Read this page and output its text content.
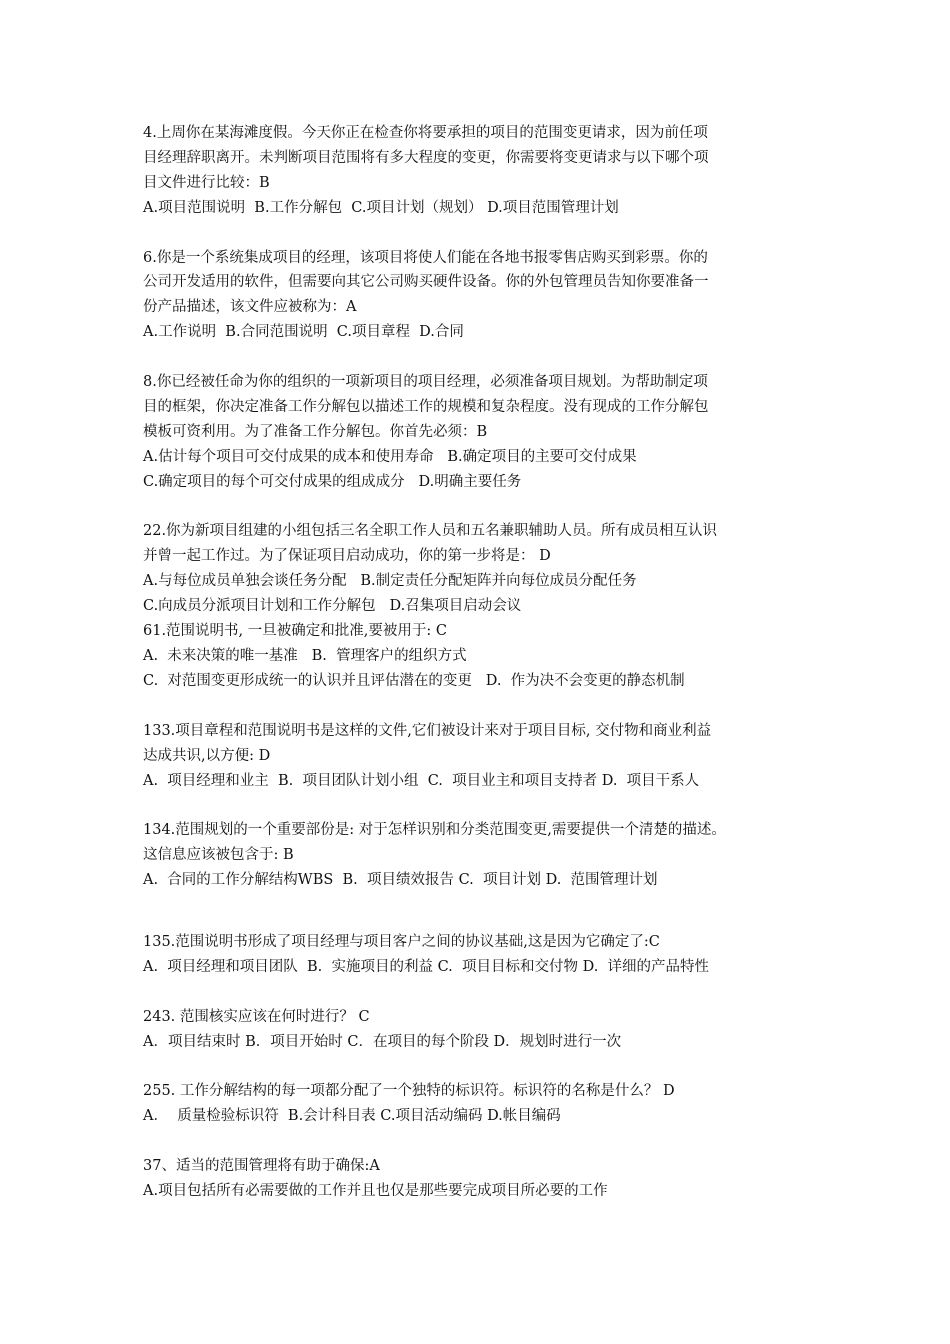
4.上周你在某海滩度假。今天你正在检查你将要承担的项目的范围变更请求，因为前任项

目经理辞职离开。未判断项目范围将有多大程度的变更，你需要将变更请求与以下哪个项

目文件进行比较：B

A.项目范围说明  B.工作分解包  C.项目计划（规划） D.项目范围管理计划

6.你是一个系统集成项目的经理，该项目将使人们能在各地书报零售店购买到彩票。你的

公司开发适用的软件，但需要向其它公司购买硬件设备。你的外包管理员告知你要准备一

份产品描述，该文件应被称为：A

A.工作说明  B.合同范围说明  C.项目章程  D.合同

8.你已经被任命为你的组织的一项新项目的项目经理，必须准备项目规划。为帮助制定项

目的框架，你决定准备工作分解包以描述工作的规模和复杂程度。没有现成的工作分解包

模板可资利用。为了准备工作分解包。你首先必须：B

A.估计每个项目可交付成果的成本和使用寿命   B.确定项目的主要可交付成果

C.确定项目的每个可交付成果的组成成分   D.明确主要任务

22.你为新项目组建的小组包括三名全职工作人员和五名兼职辅助人员。所有成员相互认识

并曾一起工作过。为了保证项目启动成功，你的第一步将是： D

A.与每位成员单独会谈任务分配   B.制定责任分配矩阵并向每位成员分配任务

C.向成员分派项目计划和工作分解包   D.召集项目启动会议

61.范围说明书, 一旦被确定和批准,要被用于: C

A.  未来决策的唯一基准   B.  管理客户的组织方式

C.  对范围变更形成统一的认识并且评估潜在的变更   D.  作为决不会变更的静态机制

133.项目章程和范围说明书是这样的文件,它们被设计来对于项目目标, 交付物和商业利益

达成共识,以方便: D

A.  项目经理和业主  B.  项目团队计划小组  C.  项目业主和项目支持者 D.  项目干系人

134.范围规划的一个重要部份是: 对于怎样识别和分类范围变更,需要提供一个清楚的描述。

这信息应该被包含于: B

A.  合同的工作分解结构WBS  B.  项目绩效报告 C.  项目计划 D.  范围管理计划

135.范围说明书形成了项目经理与项目客户之间的协议基础,这是因为它确定了:C

A.  项目经理和项目团队  B.  实施项目的利益 C.  项目目标和交付物 D.  详细的产品特性

243. 范围核实应该在何时进行？ C

A．项目结束时 B．项目开始时 C．在项目的每个阶段 D．规划时进行一次

255. 工作分解结构的每一项都分配了一个独特的标识符。标识符的名称是什么？ D

A．  质量检验标识符  B.会计科目表 C.项目活动编码 D.帐目编码

37、适当的范围管理将有助于确保:A

A.项目包括所有必需要做的工作并且也仅是那些要完成项目所必要的工作
